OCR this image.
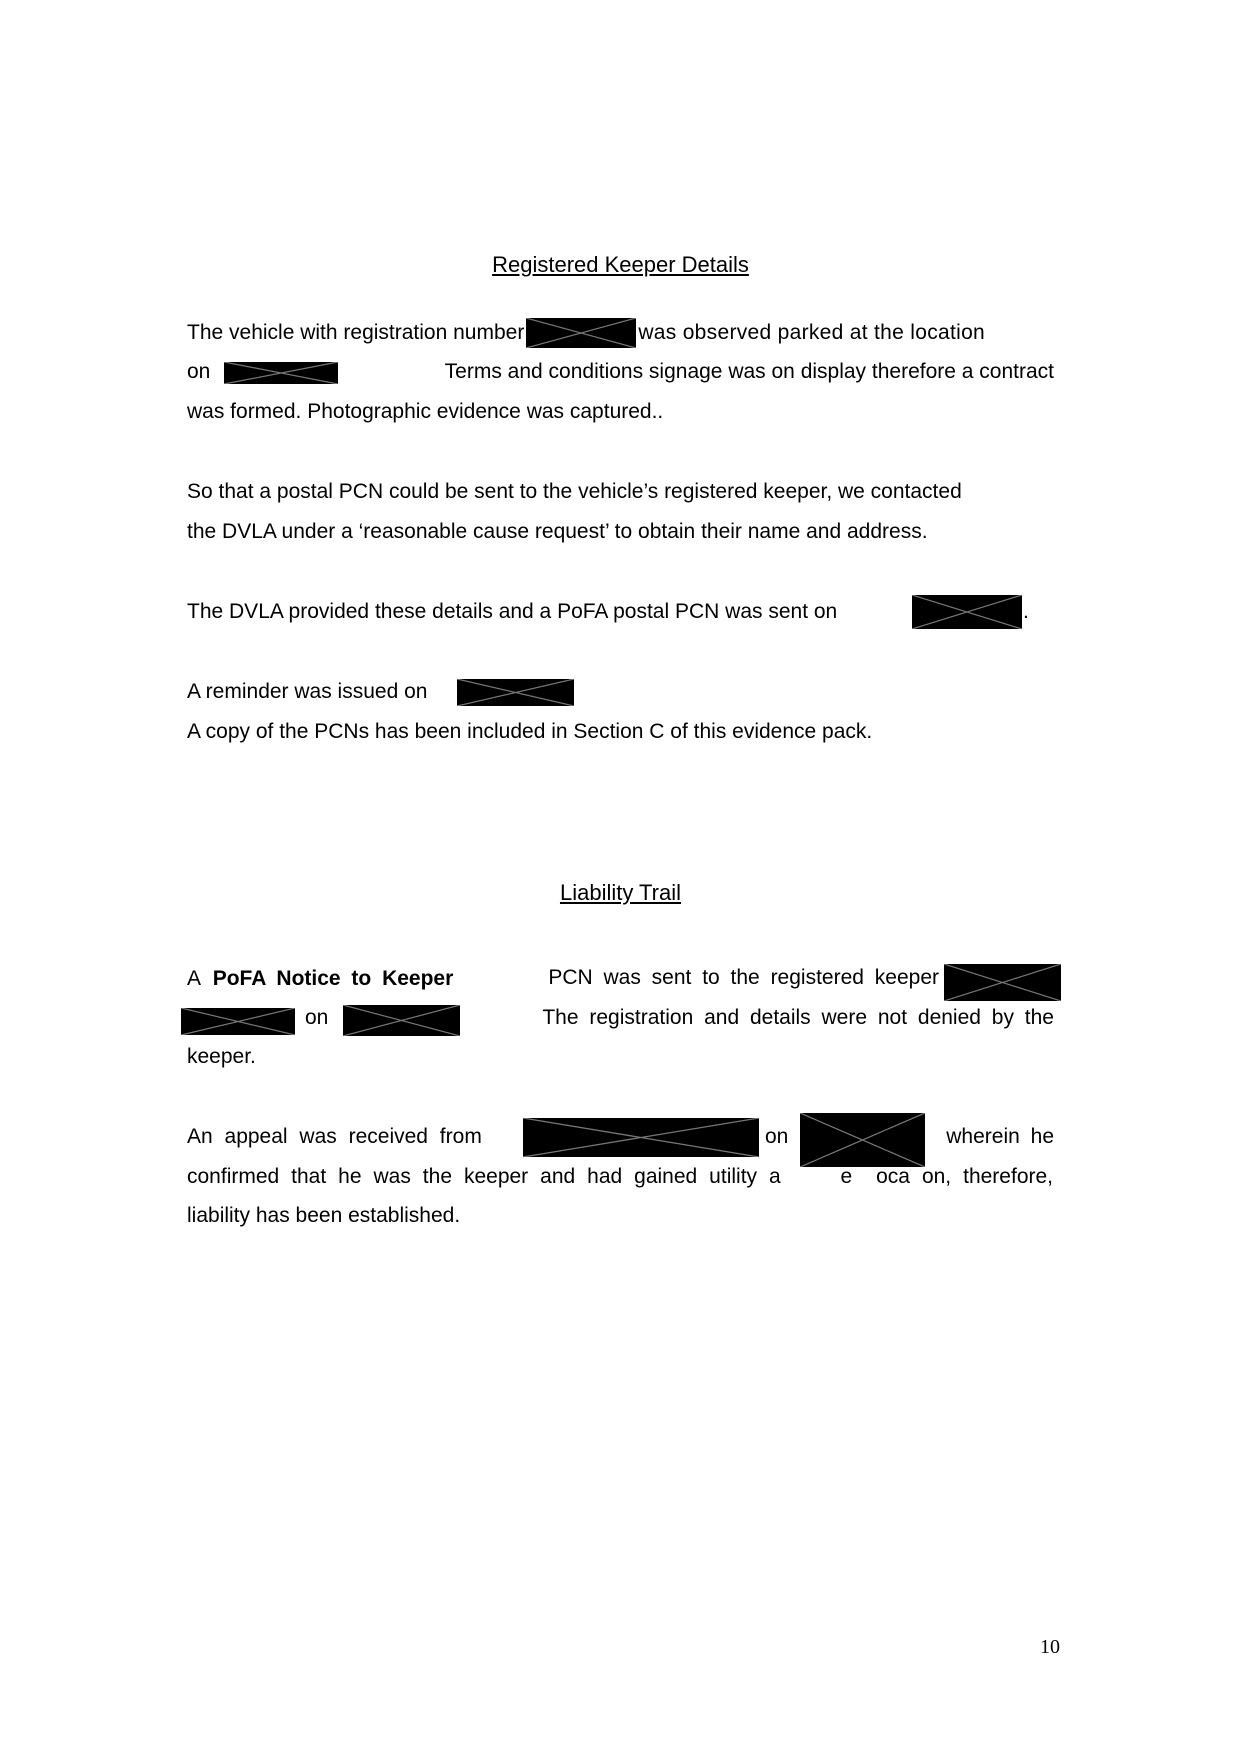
Registered Keeper Details
The vehicle with registration number	was observed parked at the location
on	Terms and conditions signage was on display therefore a contract
was formed. Photographic evidence was captured..
So that a postal PCN could be sent to the vehicle’s registered keeper, we contacted
the DVLA under a ‘reasonable cause request’ to obtain their name and address.
The DVLA provided these details and a PoFA postal PCN was sent on	.
A reminder was issued on
A copy of the PCNs has been included in Section C of this evidence pack.
Liability Trail
A PoFA Notice to Keeper	PCN was sent to the registered keeper
on	The registration and details were not denied by the
keeper.
An appeal was received from	on	wherein he
confirmed that he was the keeper and had gained utility a     e  oca on, therefore,
liability has been established.
10
